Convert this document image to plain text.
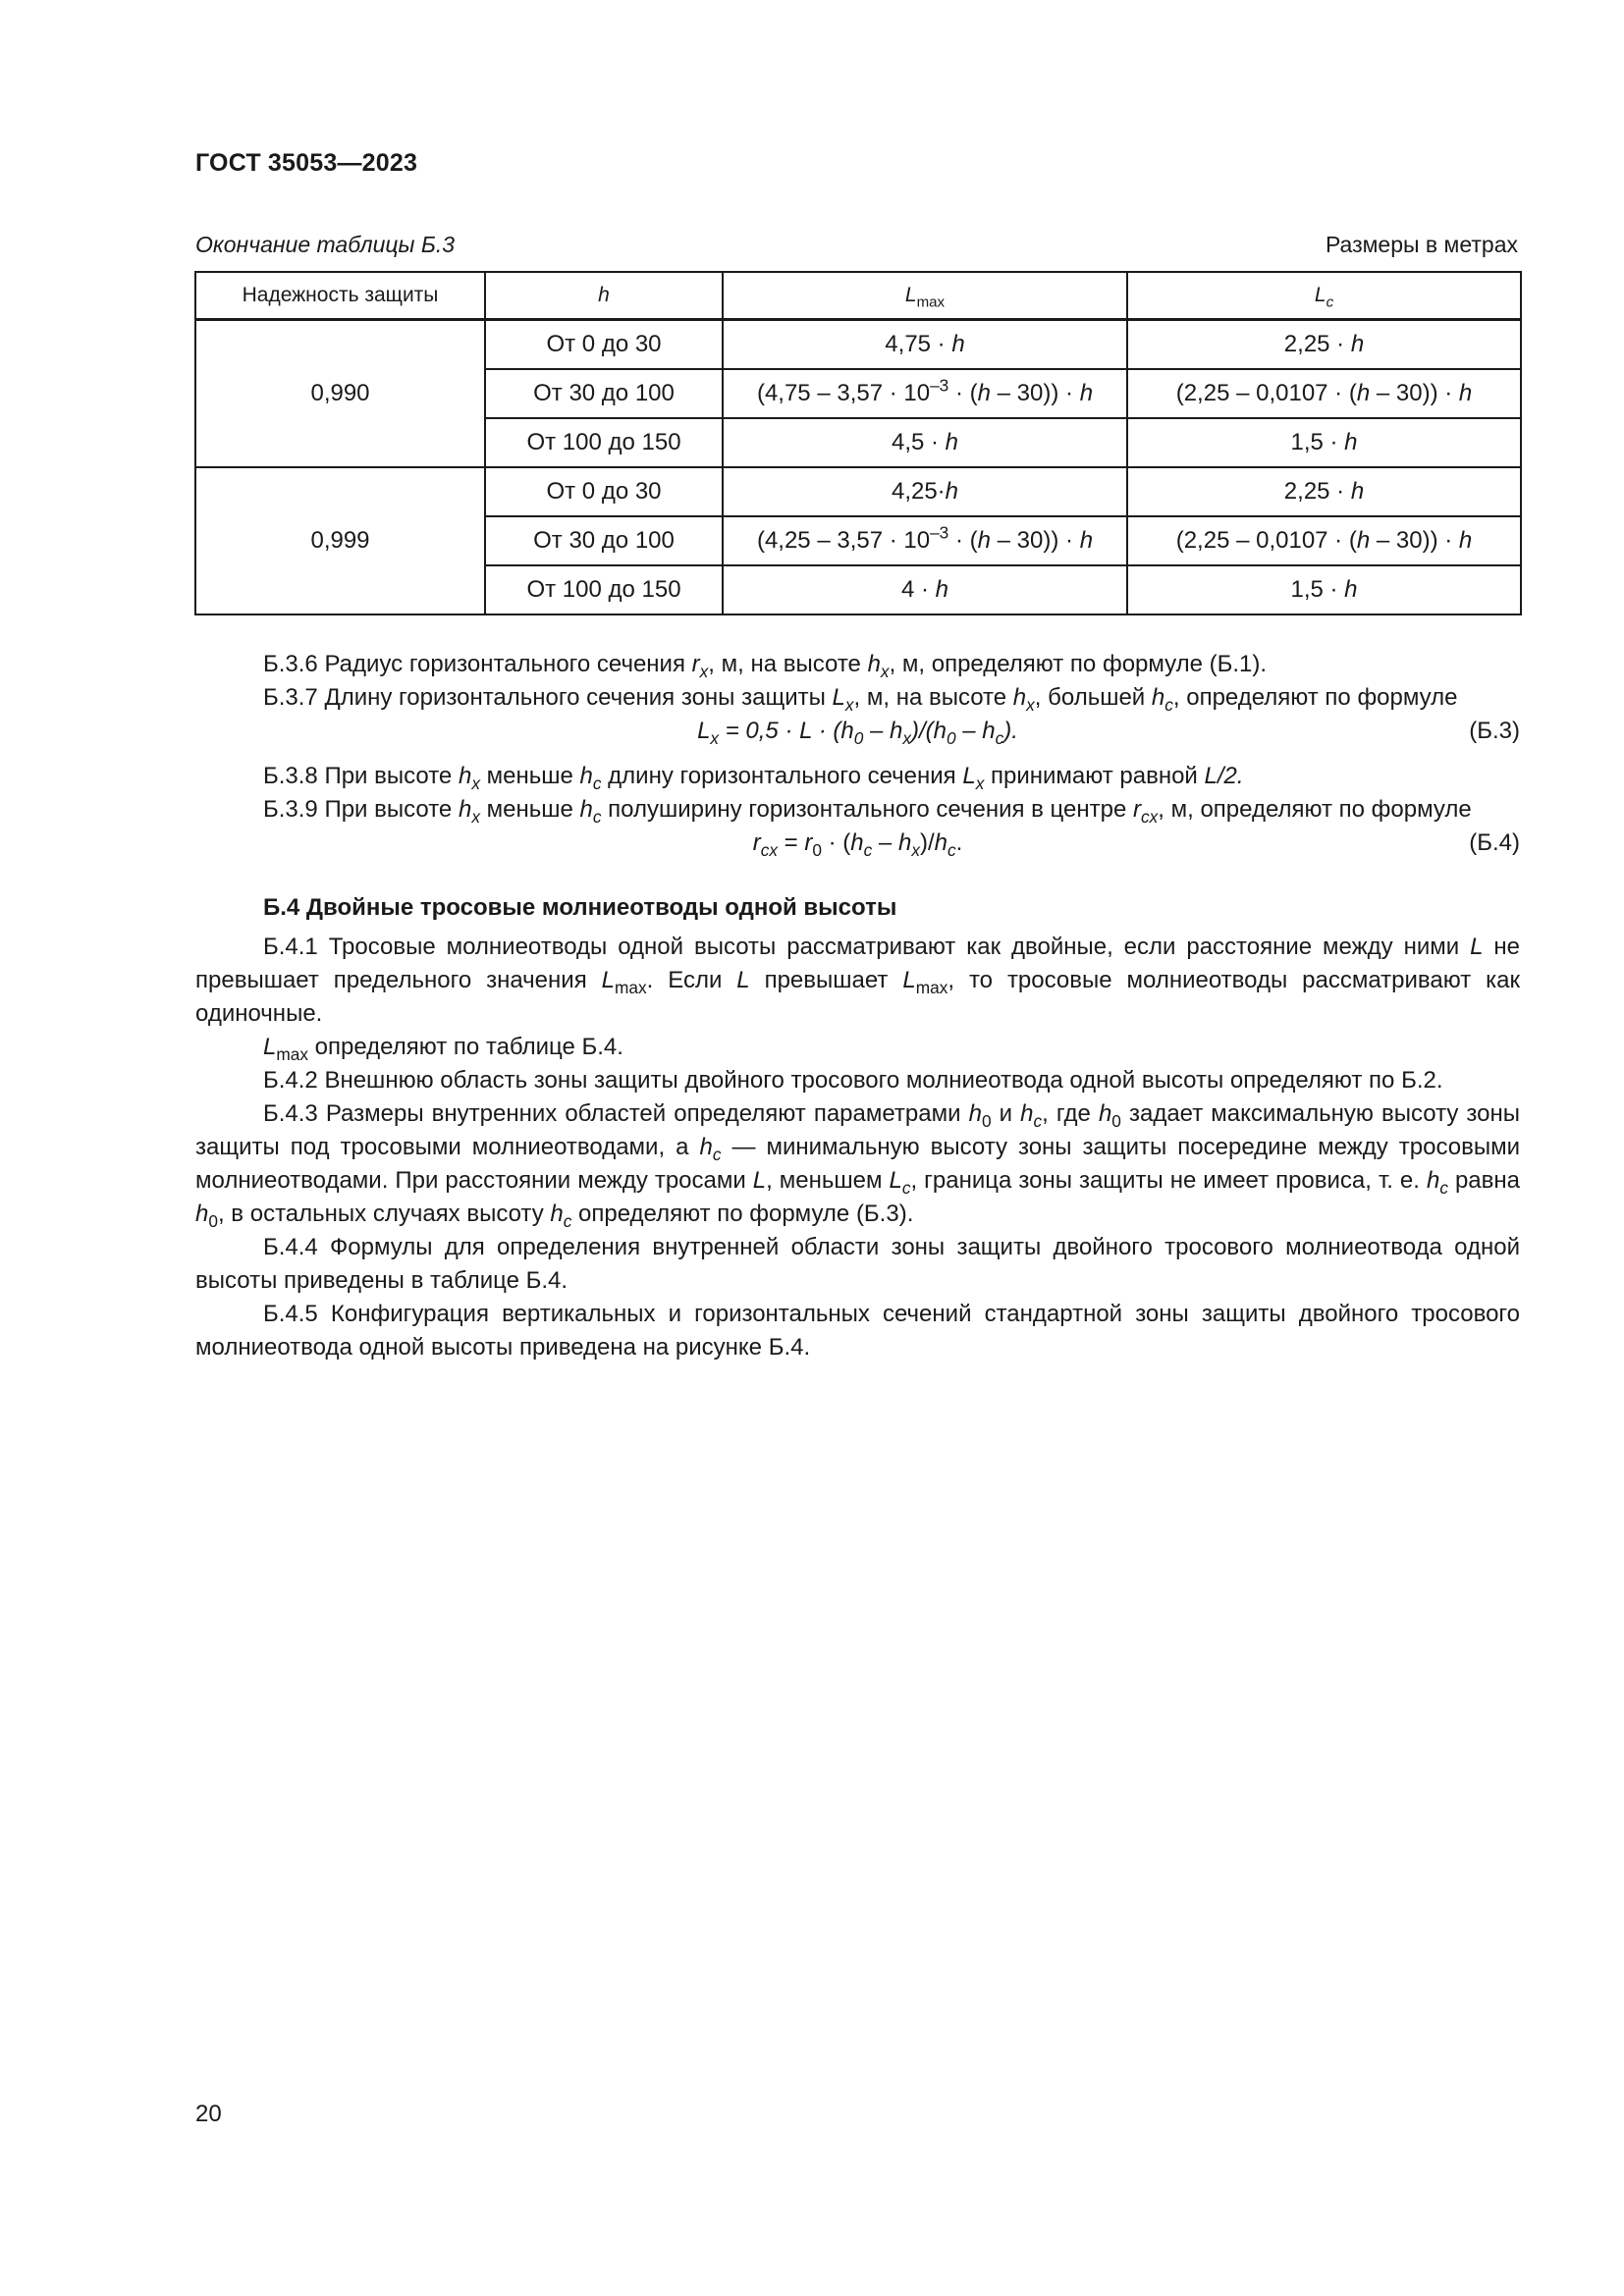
ГОСТ 35053—2023
Окончание таблицы Б.3	Размеры в метрах
Надежность защиты	h	$L_{max}$	$L_c$
0,990	От 0 до 30	4,75 · h	2,25 · h
	От 30 до 100	$(4,75 - 3,57 \cdot 10^{-3} \cdot (h - 30)) \cdot h$	(2,25 – 0,0107 · (h – 30)) · h
	От 100 до 150	4,5 · h	1,5 · h
0,999	От 0 до 30	4,25·h	2,25 · h
	От 30 до 100	$(4,25 - 3,57 \cdot 10^{-3} \cdot (h - 30)) \cdot h$	(2,25 – 0,0107 · (h – 30)) · h
	От 100 до 150	4 · h	1,5 · h

Б.3.6 Радиус горизонтального сечения $r_x$, м, на высоте $h_x$, м, определяют по формуле (Б.1).

Б.3.7 Длину горизонтального сечения зоны защиты $L_x$, м, на высоте $h_x$, большей $h_c$, определяют по формуле

$L_x = 0,5 \cdot L \cdot (h_0 - h_x)/(h_0 - h_c)$.	(Б.3)

Б.3.8 При высоте $h_x$ меньше $h_c$ длину горизонтального сечения $L_x$ принимают равной L/2.

Б.3.9 При высоте $h_x$ меньше $h_c$ полуширину горизонтального сечения в центре $r_{cx}$, м, определяют по формуле

$r_{cx} = r_0 \cdot (h_c - h_x)/h_c$.	(Б.4)

Б.4 Двойные тросовые молниеотводы одной высоты

Б.4.1 Тросовые молниеотводы одной высоты рассматривают как двойные, если расстояние между ними L не превышает предельного значения $L_{max}$. Если L превышает $L_{max}$, то тросовые молниеотводы рассматривают как одиночные.

$L_{max}$ определяют по таблице Б.4.

Б.4.2 Внешнюю область зоны защиты двойного тросового молниеотвода одной высоты определяют по Б.2.

Б.4.3 Размеры внутренних областей определяют параметрами $h_0$ и $h_c$, где $h_0$ задает максимальную высоту зоны защиты под тросовыми молниеотводами, а $h_c$ — минимальную высоту зоны защиты посередине между тросовыми молниеотводами. При расстоянии между тросами L, меньшем $L_c$, граница зоны защиты не имеет провиса, т. е. $h_c$ равна $h_0$, в остальных случаях высоту $h_c$ определяют по формуле (Б.3).

Б.4.4 Формулы для определения внутренней области зоны защиты двойного тросового молниеотвода одной высоты приведены в таблице Б.4.

Б.4.5 Конфигурация вертикальных и горизонтальных сечений стандартной зоны защиты двойного тросового молниеотвода одной высоты приведена на рисунке Б.4.

20
